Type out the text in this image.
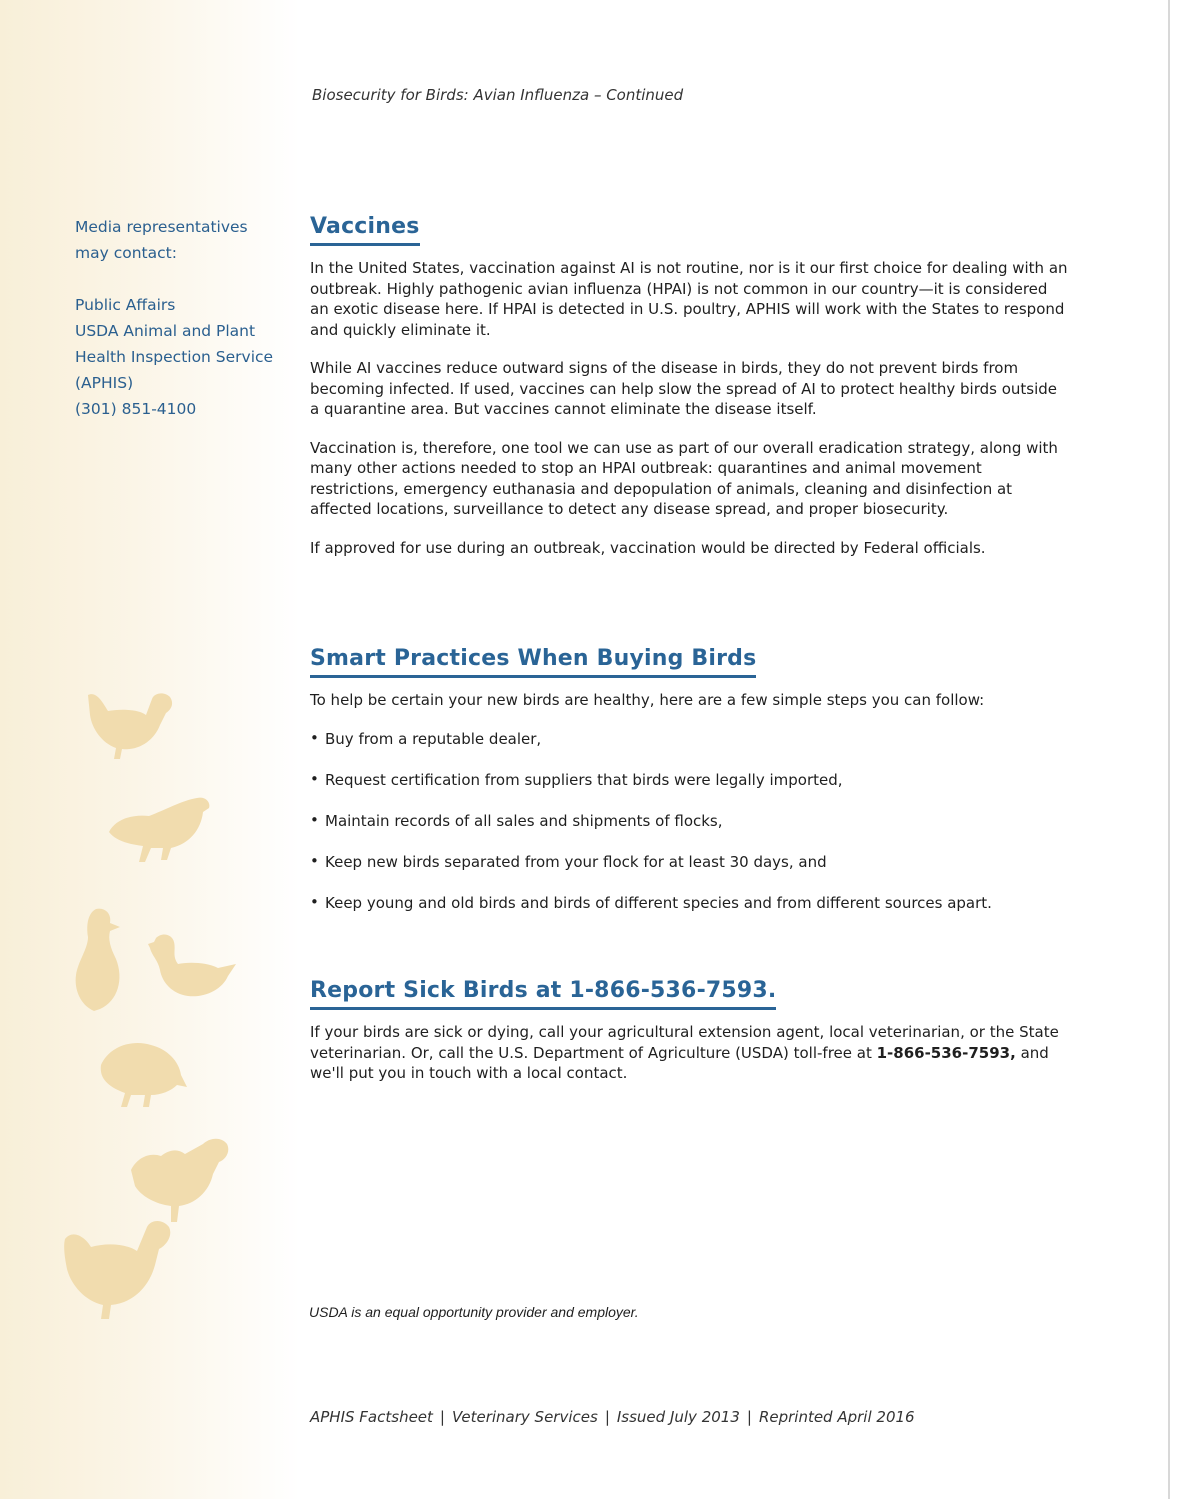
Biosecurity for Birds: Avian Influenza – Continued
Media representatives
may contact:
Public Affairs
USDA Animal and Plant
Health Inspection Service
(APHIS)
(301) 851-4100
Vaccines

In the United States, vaccination against AI is not routine, nor is it our first choice for dealing with an outbreak. Highly pathogenic avian influenza (HPAI) is not common in our country—it is considered an exotic disease here. If HPAI is detected in U.S. poultry, APHIS will work with the States to respond and quickly eliminate it.

While AI vaccines reduce outward signs of the disease in birds, they do not prevent birds from becoming infected. If used, vaccines can help slow the spread of AI to protect healthy birds outside a quarantine area. But vaccines cannot eliminate the disease itself.

Vaccination is, therefore, one tool we can use as part of our overall eradication strategy, along with many other actions needed to stop an HPAI outbreak: quarantines and animal movement restrictions, emergency euthanasia and depopulation of animals, cleaning and disinfection at affected locations, surveillance to detect any disease spread, and proper biosecurity.

If approved for use during an outbreak, vaccination would be directed by Federal officials.

Smart Practices When Buying Birds

To help be certain your new birds are healthy, here are a few simple steps you can follow:

• Buy from a reputable dealer,
• Request certification from suppliers that birds were legally imported,
• Maintain records of all sales and shipments of flocks,
• Keep new birds separated from your flock for at least 30 days, and
• Keep young and old birds and birds of different species and from different sources apart.
Report Sick Birds at 1-866-536-7593.

If your birds are sick or dying, call your agricultural extension agent, local veterinarian, or the State veterinarian. Or, call the U.S. Department of Agriculture (USDA) toll-free at 1-866-536-7593, and we'll put you in touch with a local contact.

USDA is an equal opportunity provider and employer.
APHIS Factsheet | Veterinary Services | Issued July 2013 | Reprinted April 2016
